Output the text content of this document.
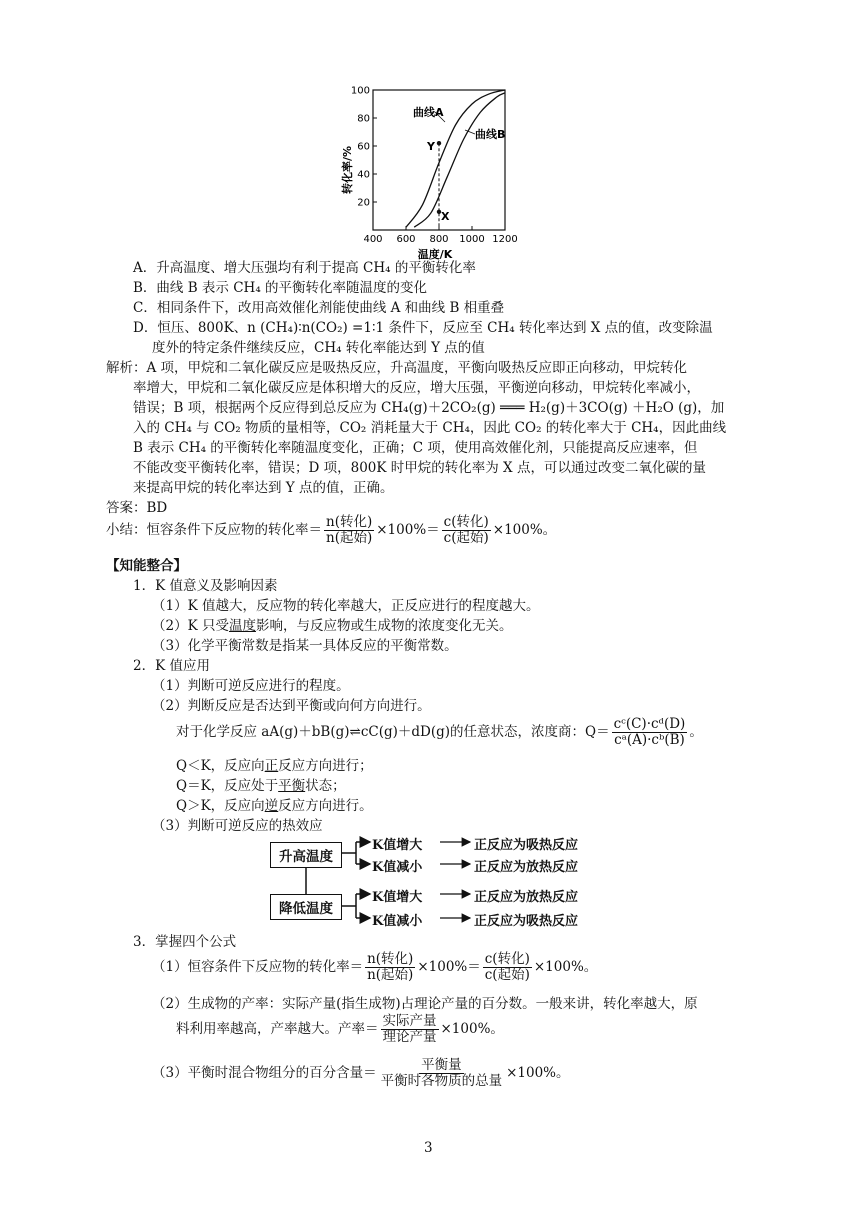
400 600 800 1000 1200
20
40
60
80
100
转化率/%
温度/K
曲线A
曲线B
Y
X
A．升高温度、增大压强均有利于提高 CH₄ 的平衡转化率
B．曲线 B 表示 CH₄ 的平衡转化率随温度的变化
C．相同条件下，改用高效催化剂能使曲线 A 和曲线 B 相重叠
D．恒压、800K、n (CH₄)∶n(CO₂) =1∶1 条件下，反应至 CH₄ 转化率达到 X 点的值，改变除温
度外的特定条件继续反应，CH₄ 转化率能达到 Y 点的值
解析：A 项，甲烷和二氧化碳反应是吸热反应，升高温度，平衡向吸热反应即正向移动，甲烷转化
率增大，甲烷和二氧化碳反应是体积增大的反应，增大压强，平衡逆向移动，甲烷转化率减小，
错误；B 项，根据两个反应得到总反应为 CH₄(g)＋2CO₂(g) ═══ H₂(g)＋3CO(g) ＋H₂O (g)，加
入的 CH₄ 与 CO₂ 物质的量相等，CO₂ 消耗量大于 CH₄，因此 CO₂ 的转化率大于 CH₄，因此曲线
B 表示 CH₄ 的平衡转化率随温度变化，正确；C 项，使用高效催化剂，只能提高反应速率，但
不能改变平衡转化率，错误；D 项，800K 时甲烷的转化率为 X 点，可以通过改变二氧化碳的量
来提高甲烷的转化率达到 Y 点的值，正确。
答案：BD
小结：恒容条件下反应物的转化率＝ $\frac{\text{n(转化)}}{\text{n(起始)}} \times 100\%= \frac{\text{c(转化)}}{\text{c(起始)}} \times 100\%$。
【知能整合】
1．K 值意义及影响因素
（1）K 值越大，反应物的转化率越大，正反应进行的程度越大。
（2）K 只受温度影响，与反应物或生成物的浓度变化无关。
（3）化学平衡常数是指某一具体反应的平衡常数。
2．K 值应用
（1）判断可逆反应进行的程度。
（2）判断反应是否达到平衡或向何方向进行。
对于化学反应 aA(g)＋bB(g)⇌cC(g)＋dD(g)的任意状态，浓度商：$Q= \frac{\text{cᶜ(C)·cᵈ(D)}}{\text{cᵃ(A)·cᵇ(B)}}$ 。
Q＜K，反应向正反应方向进行；
Q＝K，反应处于平衡状态；
Q＞K，反应向逆反应方向进行。
（3）判断可逆反应的热效应
升高温度
降低温度
K值增大
K值减小
K值增大
K值减小
正反应为吸热反应
正反应为放热反应
正反应为放热反应
正反应为吸热反应
3．掌握四个公式
（1）恒容条件下反应物的转化率＝ $\frac{\text{n(转化)}}{\text{n(起始)}} \times 100\%= \frac{\text{c(转化)}}{\text{c(起始)}} \times 100\%$。
（2）生成物的产率：实际产量(指生成物)占理论产量的百分数。一般来讲，转化率越大，原
料利用率越高，产率越大。产率＝ $\frac{\text{实际产量}}{\text{理论产量}} \times 100\%$。
（3）平衡时混合物组分的百分含量＝ $\frac{\text{平衡量}}{\text{平衡时各物质的总量}} \times 100\%$。
3
